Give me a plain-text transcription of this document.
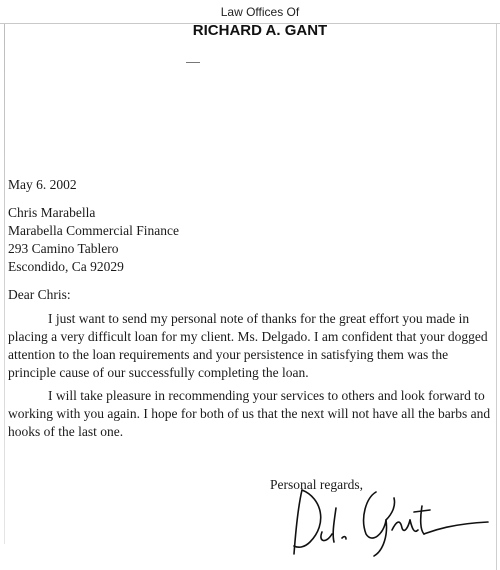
Law Offices Of
RICHARD A. GANT
May 6. 2002
Chris Marabella
Marabella Commercial Finance
293 Camino Tablero
Escondido, Ca 92029
Dear Chris:
I just want to send my personal note of thanks for the great effort you made in placing a very difficult loan for my client. Ms. Delgado. I am confident that your dogged attention to the loan requirements and your persistence in satisfying them was the principle cause of our successfully completing the loan.
I will take pleasure in recommending your services to others and look forward to working with you again. I hope for both of us that the next will not have all the barbs and hooks of the last one.
Personal regards,
